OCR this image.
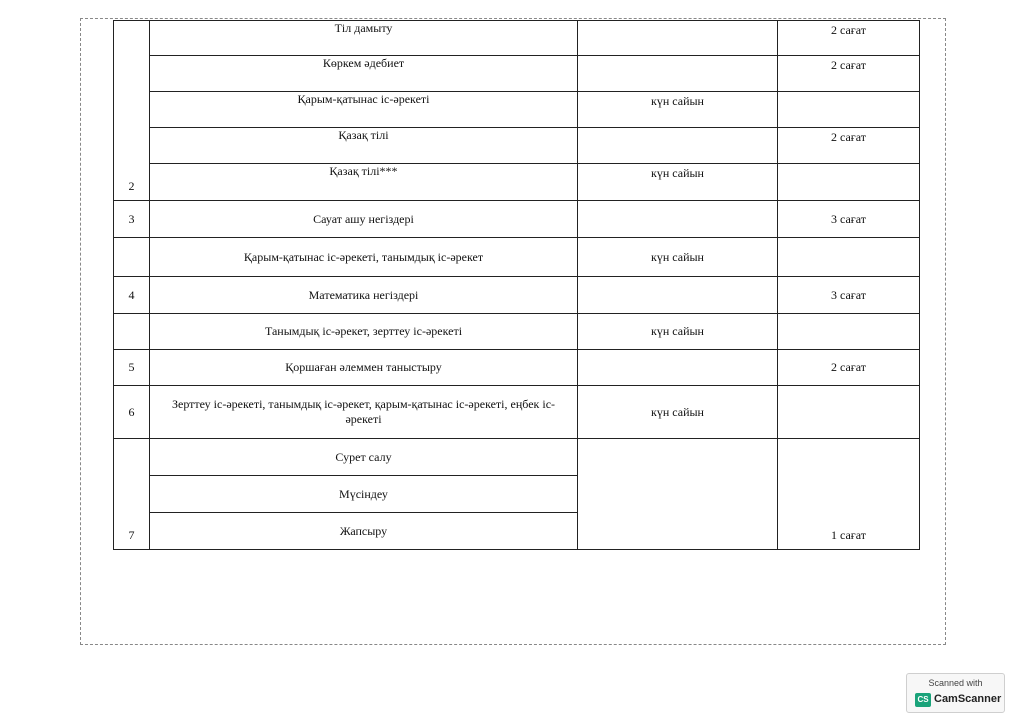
2	Тіл дамыту		2 сағат
	Көркем әдебиет		2 сағат
	Қарым-қатынас іс-әрекеті	күн сайын	
	Қазақ тілі		2 сағат
	Қазақ тілі***	күн сайын	
3	Сауат ашу негіздері		3 сағат
	Қарым-қатынас іс-әрекеті, танымдық іс-әрекет	күн сайын	
4	Математика негіздері		3 сағат
	Танымдық іс-әрекет, зерттеу іс-әрекеті	күн сайын	
5	Қоршаған әлеммен таныстыру		2 сағат
6	Зерттеу іс-әрекеті, танымдық іс-әрекет, қарым-қатынас іс-әрекеті, еңбек іс-әрекеті	күн сайын	
7	Сурет салу		1 сағат
	Мүсіндеу		
	Жапсыру		
Scanned with
CS CamScanner
